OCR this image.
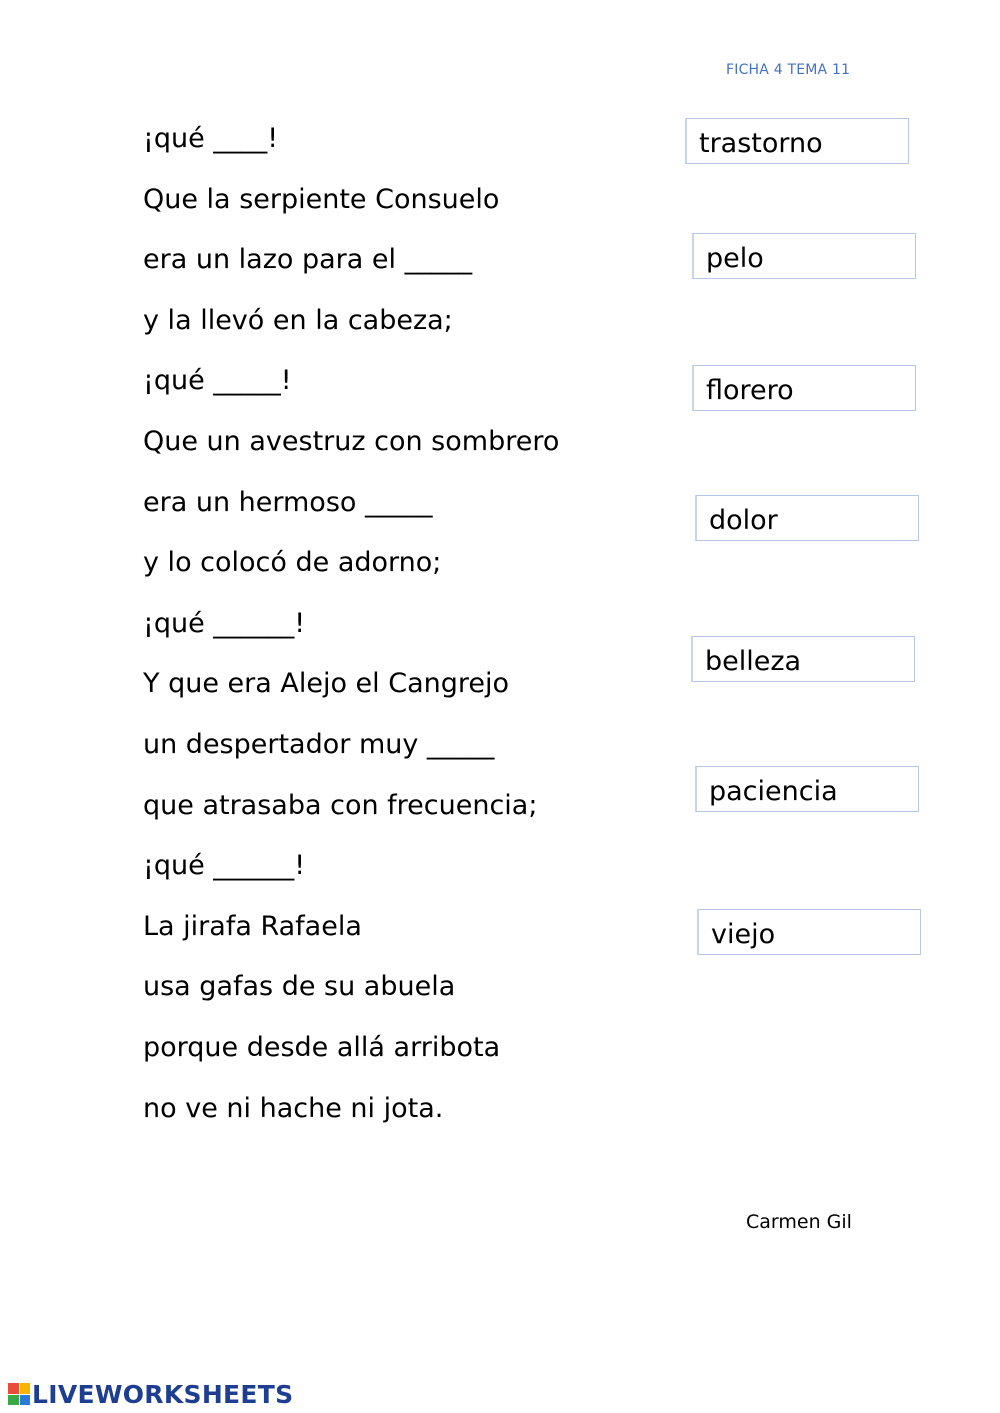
FICHA 4 TEMA 11
¡qué ____!
Que la serpiente Consuelo
era un lazo para el _____
y la llevó en la cabeza;
¡qué _____!
Que un avestruz con sombrero
era un hermoso _____
y lo colocó de adorno;
¡qué ______!
Y que era Alejo el Cangrejo
un despertador muy _____
que atrasaba con frecuencia;
¡qué ______!
La jirafa Rafaela
usa gafas de su abuela
porque desde allá arribota
no ve ni hache ni jota.
trastorno
pelo
florero
dolor
belleza
paciencia
viejo
Carmen Gil
LIVEWORKSHEETS
